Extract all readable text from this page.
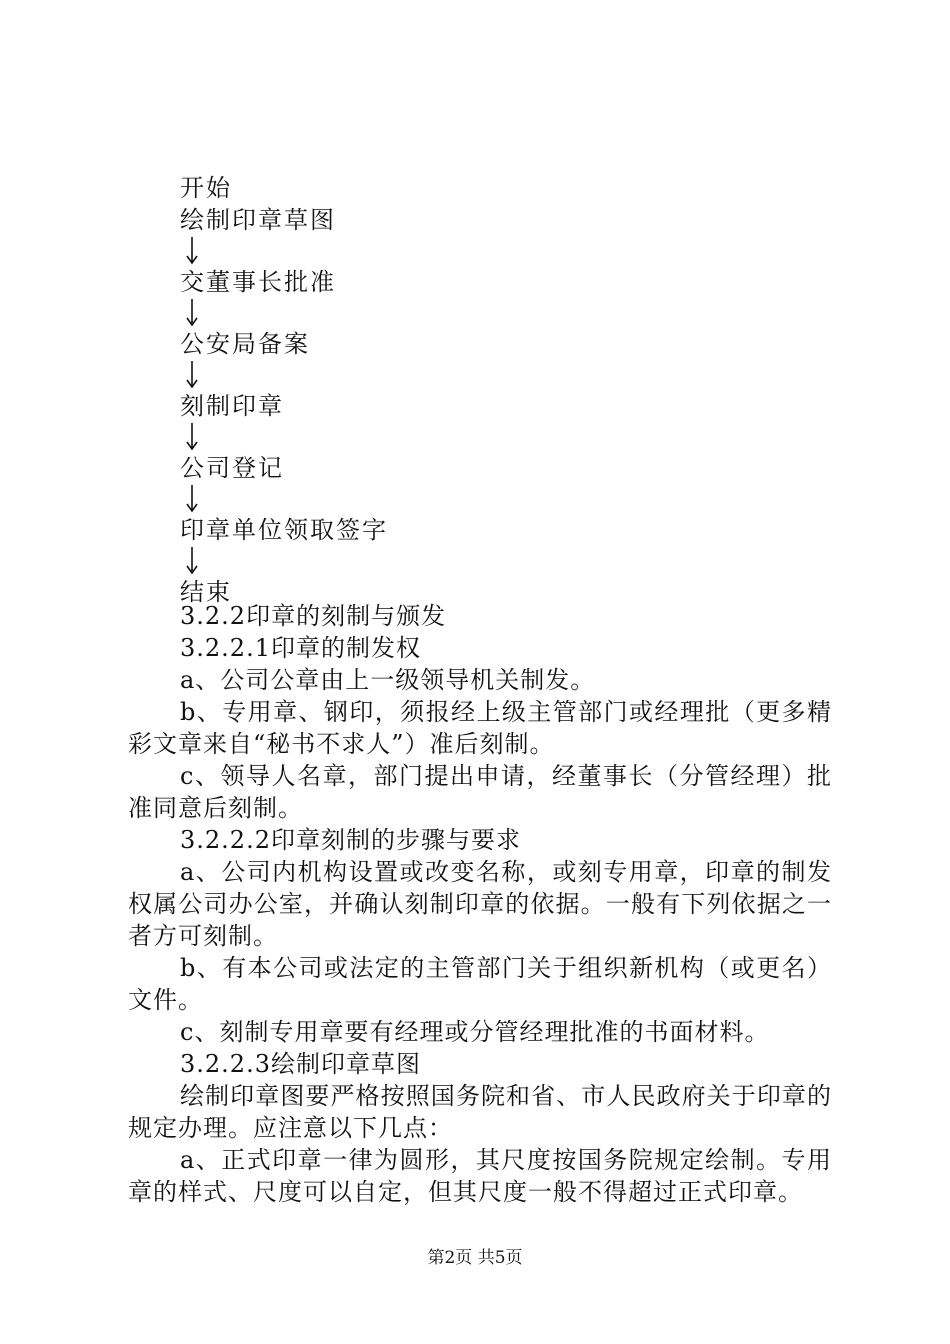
开始
绘制印章草图
交董事长批准
公安局备案
刻制印章
公司登记
印章单位领取签字
结束

3.2.2印章的刻制与颁发

3.2.2.1印章的制发权

a、公司公章由上一级领导机关制发。

b、专用章、钢印，须报经上级主管部门或经理批（更多精彩文章来自“秘书不求人”）准后刻制。

c、领导人名章，部门提出申请，经董事长（分管经理）批准同意后刻制。

3.2.2.2印章刻制的步骤与要求

a、公司内机构设置或改变名称，或刻专用章，印章的制发权属公司办公室，并确认刻制印章的依据。一般有下列依据之一者方可刻制。

b、有本公司或法定的主管部门关于组织新机构（或更名）文件。

c、刻制专用章要有经理或分管经理批准的书面材料。

3.2.2.3绘制印章草图

绘制印章图要严格按照国务院和省、市人民政府关于印章的规定办理。应注意以下几点：

a、正式印章一律为圆形，其尺度按国务院规定绘制。专用章的样式、尺度可以自定，但其尺度一般不得超过正式印章。

第2页 共5页
